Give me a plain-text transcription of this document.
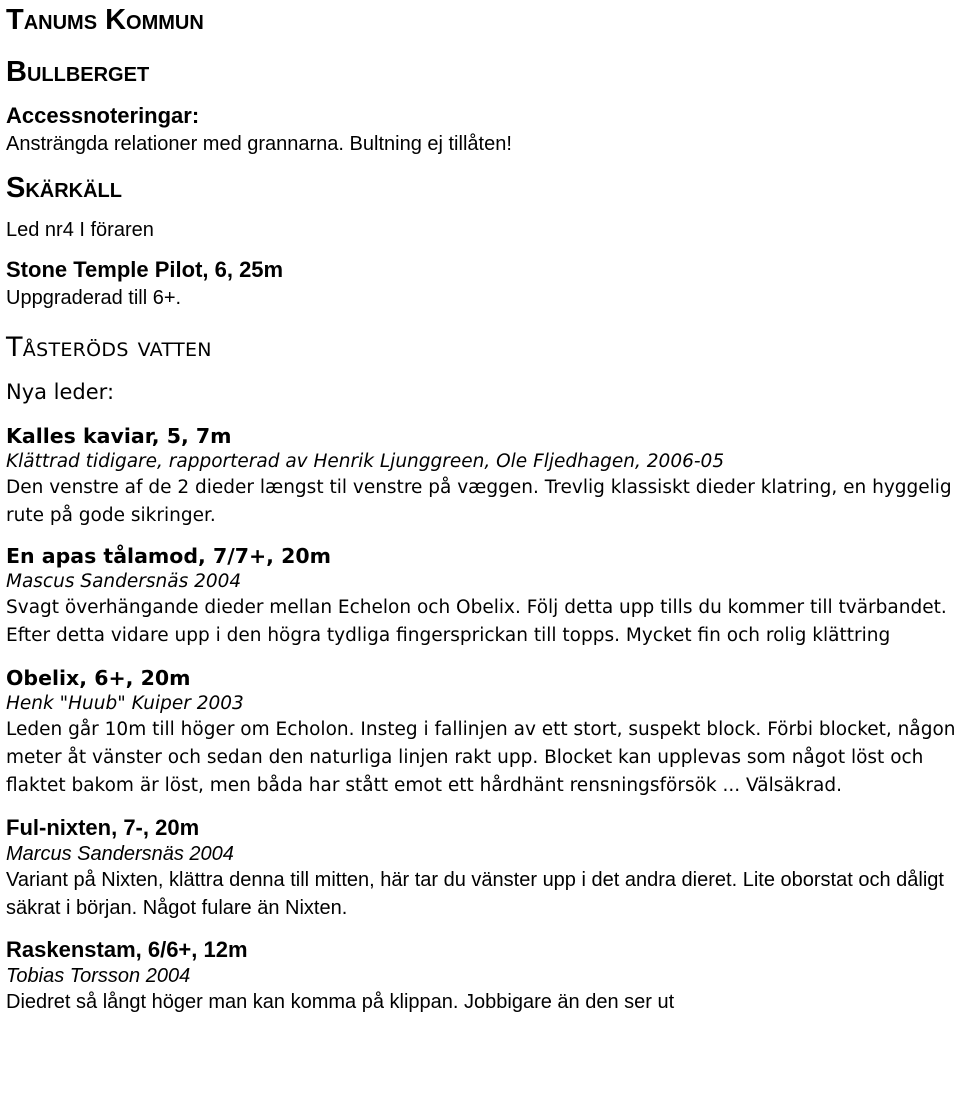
Tanums Kommun
Bullberget
Accessnoteringar:

Ansträngda relationer med grannarna. Bultning ej tillåten!

Skärkäll

Led nr4 I föraren

Stone Temple Pilot, 6, 25m

Uppgraderad till 6+.

Tåsteröds vatten
Nya leder:
Kalles kaviar, 5, 7m

Klättrad tidigare, rapporterad av Henrik Ljunggreen, Ole Fljedhagen, 2006-05

Den venstre af de 2 dieder længst til venstre på væggen. Trevlig klassiskt dieder klatring, en hyggelig rute på gode sikringer.

En apas tålamod, 7/7+, 20m

Mascus Sandersnäs 2004

Svagt överhängande dieder mellan Echelon och Obelix. Följ detta upp tills du kommer till tvärbandet. Efter detta vidare upp i den högra tydliga fingersprickan till topps. Mycket fin och rolig klättring

Obelix, 6+, 20m

Henk "Huub" Kuiper 2003

Leden går 10m till höger om Echolon. Insteg i fallinjen av ett stort, suspekt block. Förbi blocket, någon meter åt vänster och sedan den naturliga linjen rakt upp. Blocket kan upplevas som något löst och flaktet bakom är löst, men båda har stått emot ett hårdhänt rensningsförsök ... Välsäkrad.

Ful-nixten, 7-, 20m

Marcus Sandersnäs 2004

Variant på Nixten, klättra denna till mitten, här tar du vänster upp i det andra dieret. Lite oborstat och dåligt säkrat i början. Något fulare än Nixten.

Raskenstam, 6/6+, 12m

Tobias Torsson 2004

Diedret så långt höger man kan komma på klippan. Jobbigare än den ser ut
